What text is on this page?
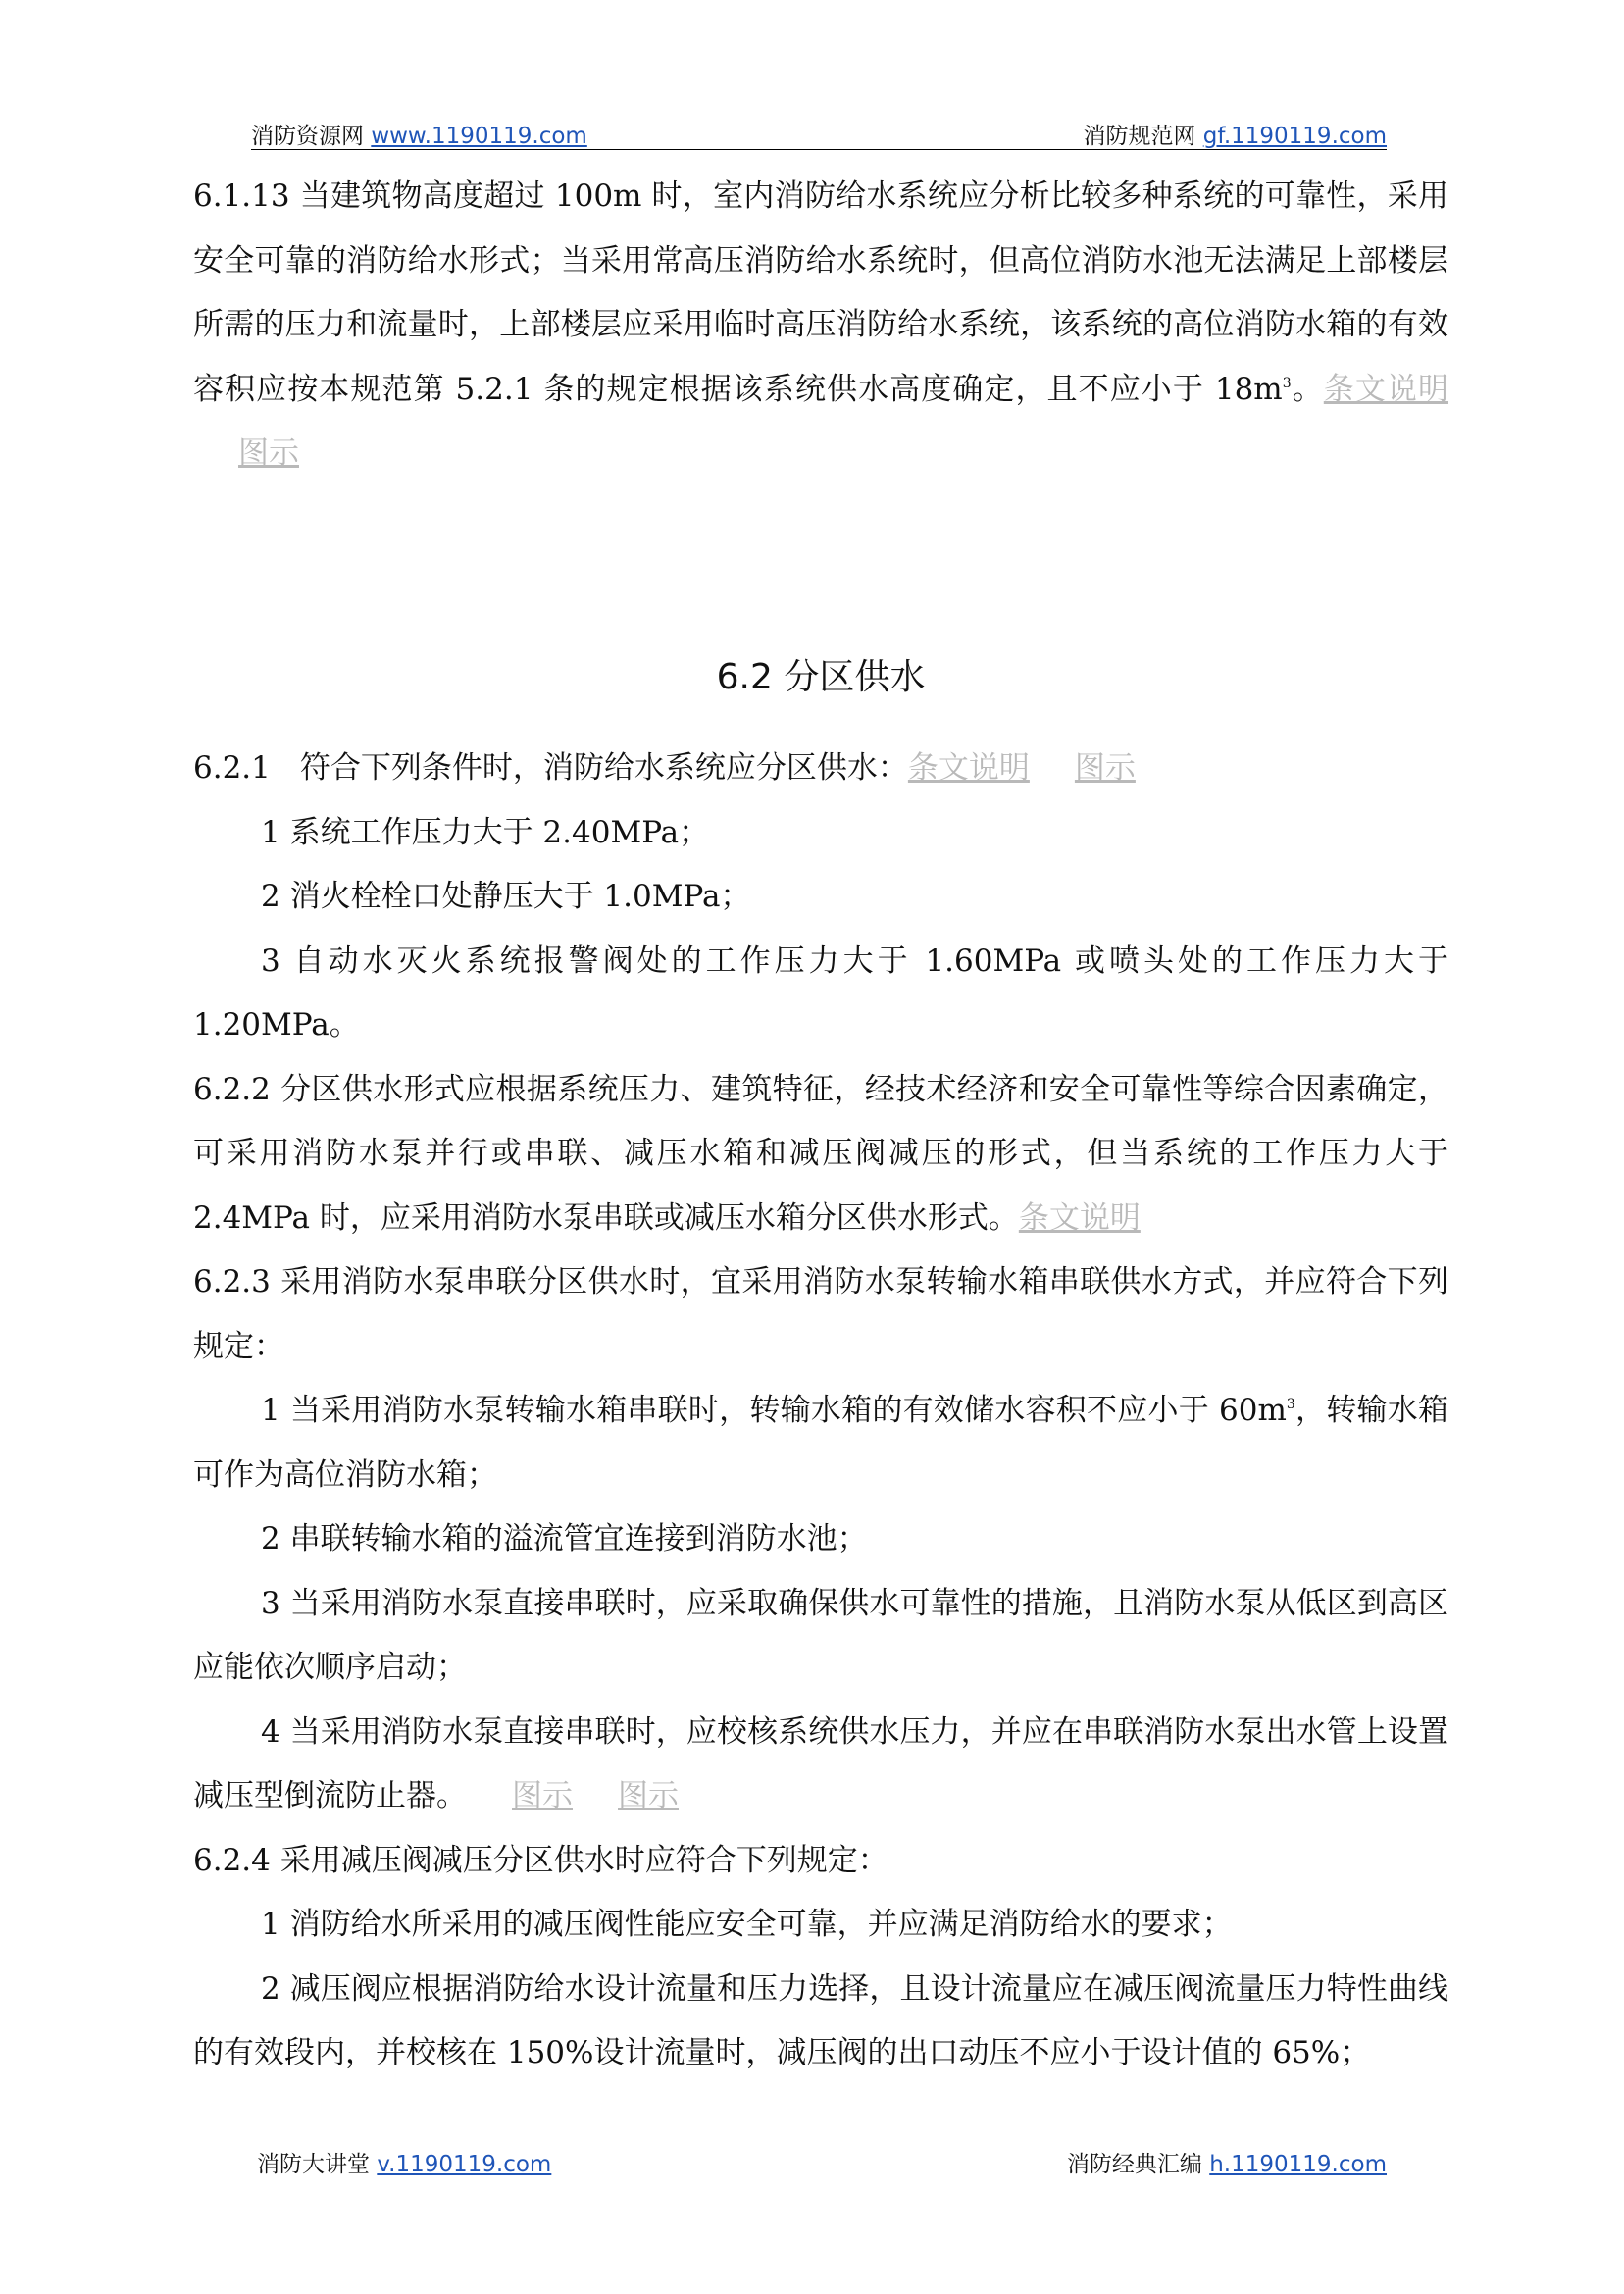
消防资源网 www.1190119.com	消防规范网 gf.1190119.com

6.1.13 当建筑物高度超过 100m 时，室内消防给水系统应分析比较多种系统的可靠性，采用安全可靠的消防给水形式；当采用常高压消防给水系统时，但高位消防水池无法满足上部楼层所需的压力和流量时，上部楼层应采用临时高压消防给水系统，该系统的高位消防水箱的有效容积应按本规范第 5.2.1 条的规定根据该系统供水高度确定，且不应小于 $18m^3$。条文说明图示

6.2 分区供水

6.2.1 符合下列条件时，消防给水系统应分区供水：条文说明 图示

1 系统工作压力大于 2.40MPa；

2 消火栓栓口处静压大于 1.0MPa；

3 自动水灭火系统报警阀处的工作压力大于 1.60MPa 或喷头处的工作压力大于 1.20MPa。

6.2.2 分区供水形式应根据系统压力、建筑特征，经技术经济和安全可靠性等综合因素确定，可采用消防水泵并行或串联、减压水箱和减压阀减压的形式，但当系统的工作压力大于 2.4MPa 时，应采用消防水泵串联或减压水箱分区供水形式。条文说明

6.2.3 采用消防水泵串联分区供水时，宜采用消防水泵转输水箱串联供水方式，并应符合下列规定：

1 当采用消防水泵转输水箱串联时，转输水箱的有效储水容积不应小于 $60m^3$，转输水箱可作为高位消防水箱；

2 串联转输水箱的溢流管宜连接到消防水池；

3 当采用消防水泵直接串联时，应采取确保供水可靠性的措施，且消防水泵从低区到高区应能依次顺序启动；

4 当采用消防水泵直接串联时，应校核系统供水压力，并应在串联消防水泵出水管上设置减压型倒流防止器。 图示 图示

6.2.4 采用减压阀减压分区供水时应符合下列规定：

1 消防给水所采用的减压阀性能应安全可靠，并应满足消防给水的要求；

2 减压阀应根据消防给水设计流量和压力选择，且设计流量应在减压阀流量压力特性曲线的有效段内，并校核在 150%设计流量时，减压阀的出口动压不应小于设计值的 65%；

消防大讲堂 v.1190119.com	消防经典汇编 h.1190119.com
